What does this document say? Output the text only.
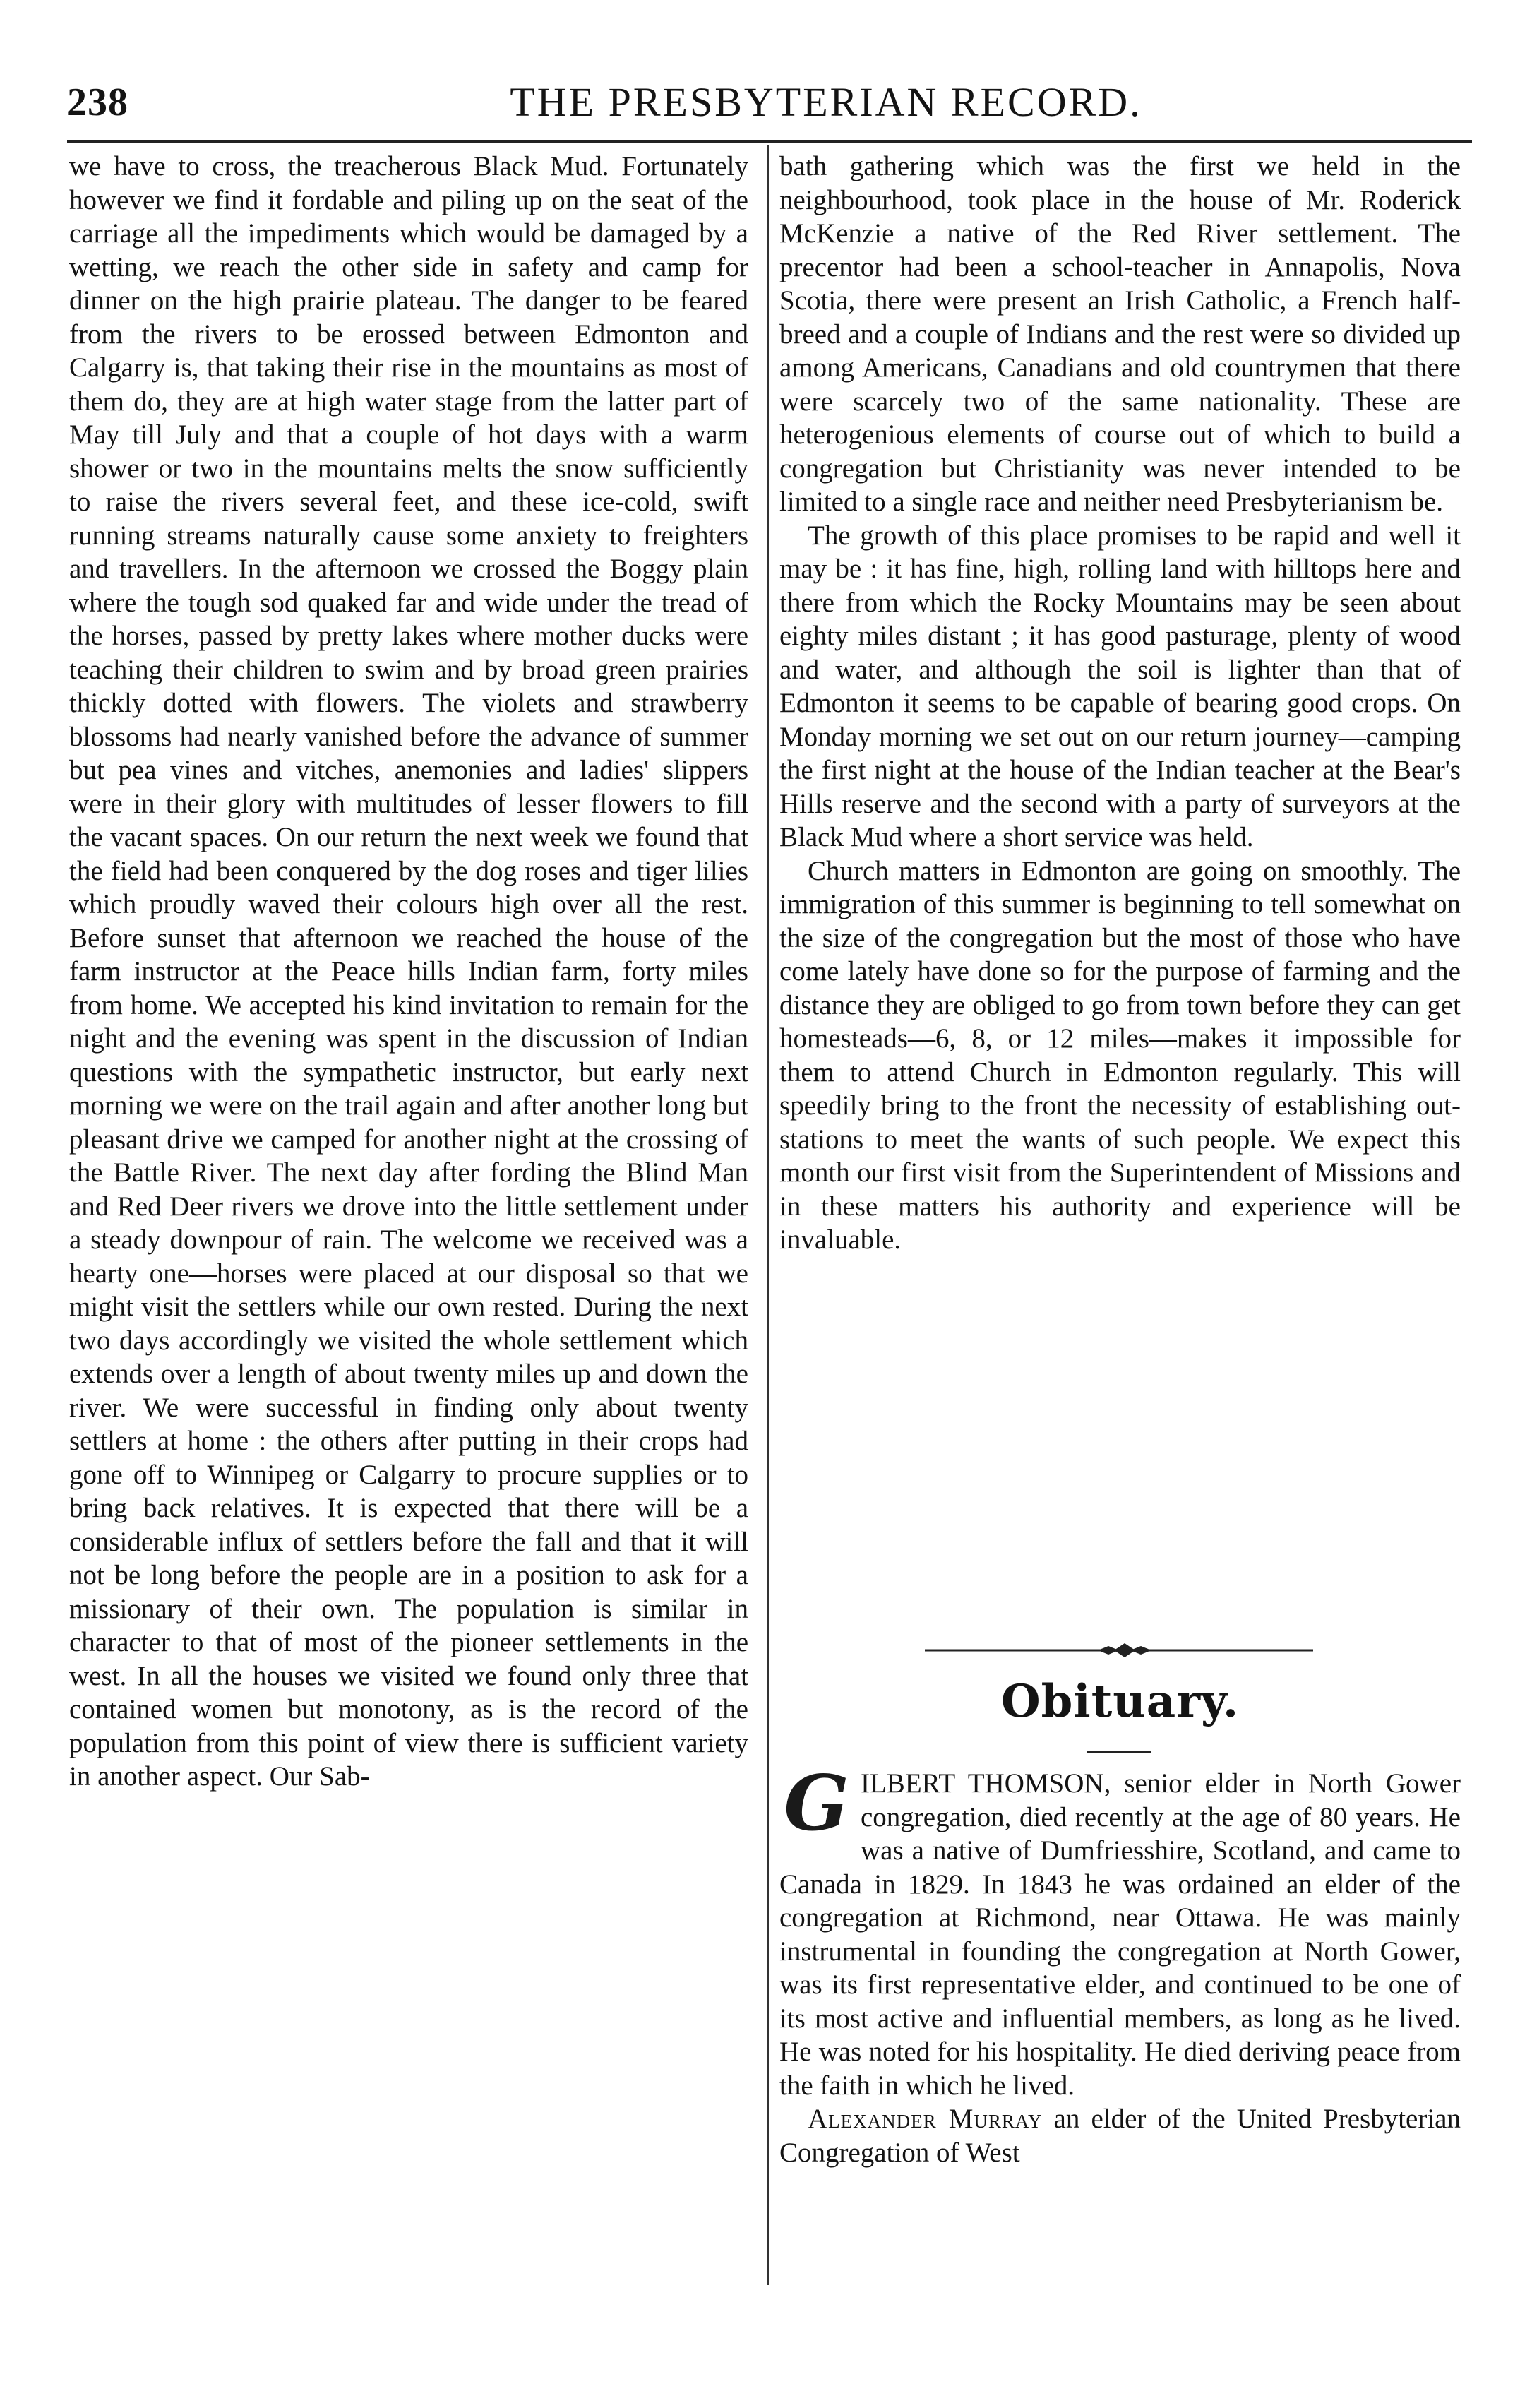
238	THE PRESBYTERIAN RECORD.

we have to cross, the treacherous Black Mud. Fortunately however we find it fordable and piling up on the seat of the carriage all the impediments which would be damaged by a wetting, we reach the other side in safety and camp for dinner on the high prairie plateau. The danger to be feared from the rivers to be erossed between Edmonton and Calgarry is, that taking their rise in the mountains as most of them do, they are at high water stage from the latter part of May till July and that a couple of hot days with a warm shower or two in the mountains melts the snow sufficiently to raise the rivers several feet, and these ice-cold, swift running streams naturally cause some anxiety to freighters and travellers. In the afternoon we crossed the Boggy plain where the tough sod quaked far and wide under the tread of the horses, passed by pretty lakes where mother ducks were teaching their children to swim and by broad green prairies thickly dotted with flowers. The violets and strawberry blossoms had nearly vanished before the advance of summer but pea vines and vitches, anemonies and ladies' slippers were in their glory with multitudes of lesser flowers to fill the vacant spaces. On our return the next week we found that the field had been conquered by the dog roses and tiger lilies which proudly waved their colours high over all the rest. Before sunset that afternoon we reached the house of the farm instructor at the Peace hills Indian farm, forty miles from home. We accepted his kind invitation to remain for the night and the evening was spent in the discussion of Indian questions with the sympathetic instructor, but early next morning we were on the trail again and after another long but pleasant drive we camped for another night at the crossing of the Battle River. The next day after fording the Blind Man and Red Deer rivers we drove into the little settlement under a steady downpour of rain. The welcome we received was a hearty one—horses were placed at our disposal so that we might visit the settlers while our own rested. During the next two days accordingly we visited the whole settlement which extends over a length of about twenty miles up and down the river. We were successful in finding only about twenty settlers at home : the others after putting in their crops had gone off to Winnipeg or Calgarry to procure supplies or to bring back relatives. It is expected that there will be a considerable influx of settlers before the fall and that it will not be long before the people are in a position to ask for a missionary of their own. The population is similar in character to that of most of the pioneer settlements in the west. In all the houses we visited we found only three that contained women but monotony, as is the record of the population from this point of view there is sufficient variety in another aspect. Our Sab-

bath gathering which was the first we held in the neighbourhood, took place in the house of Mr. Roderick McKenzie a native of the Red River settlement. The precentor had been a school-teacher in Annapolis, Nova Scotia, there were present an Irish Catholic, a French half-breed and a couple of Indians and the rest were so divided up among Americans, Canadians and old countrymen that there were scarcely two of the same nationality. These are heterogenious elements of course out of which to build a congregation but Christianity was never intended to be limited to a single race and neither need Presbyterianism be.

The growth of this place promises to be rapid and well it may be : it has fine, high, rolling land with hilltops here and there from which the Rocky Mountains may be seen about eighty miles distant ; it has good pasturage, plenty of wood and water, and although the soil is lighter than that of Edmonton it seems to be capable of bearing good crops. On Monday morning we set out on our return journey—camping the first night at the house of the Indian teacher at the Bear's Hills reserve and the second with a party of surveyors at the Black Mud where a short service was held.

Church matters in Edmonton are going on smoothly. The immigration of this summer is beginning to tell somewhat on the size of the congregation but the most of those who have come lately have done so for the purpose of farming and the distance they are obliged to go from town before they can get homesteads—6, 8, or 12 miles—makes it impossible for them to attend Church in Edmonton regularly. This will speedily bring to the front the necessity of establishing out-stations to meet the wants of such people. We expect this month our first visit from the Superintendent of Missions and in these matters his authority and experience will be invaluable.

Obituary.

GILBERT THOMSON, senior elder in North Gower congregation, died recently at the age of 80 years. He was a native of Dumfriesshire, Scotland, and came to Canada in 1829. In 1843 he was ordained an elder of the congregation at Richmond, near Ottawa. He was mainly instrumental in founding the congregation at North Gower, was its first representative elder, and continued to be one of its most active and influential members, as long as he lived. He was noted for his hospitality. He died deriving peace from the faith in which he lived.

Alexander Murray an elder of the United Presbyterian Congregation of West
